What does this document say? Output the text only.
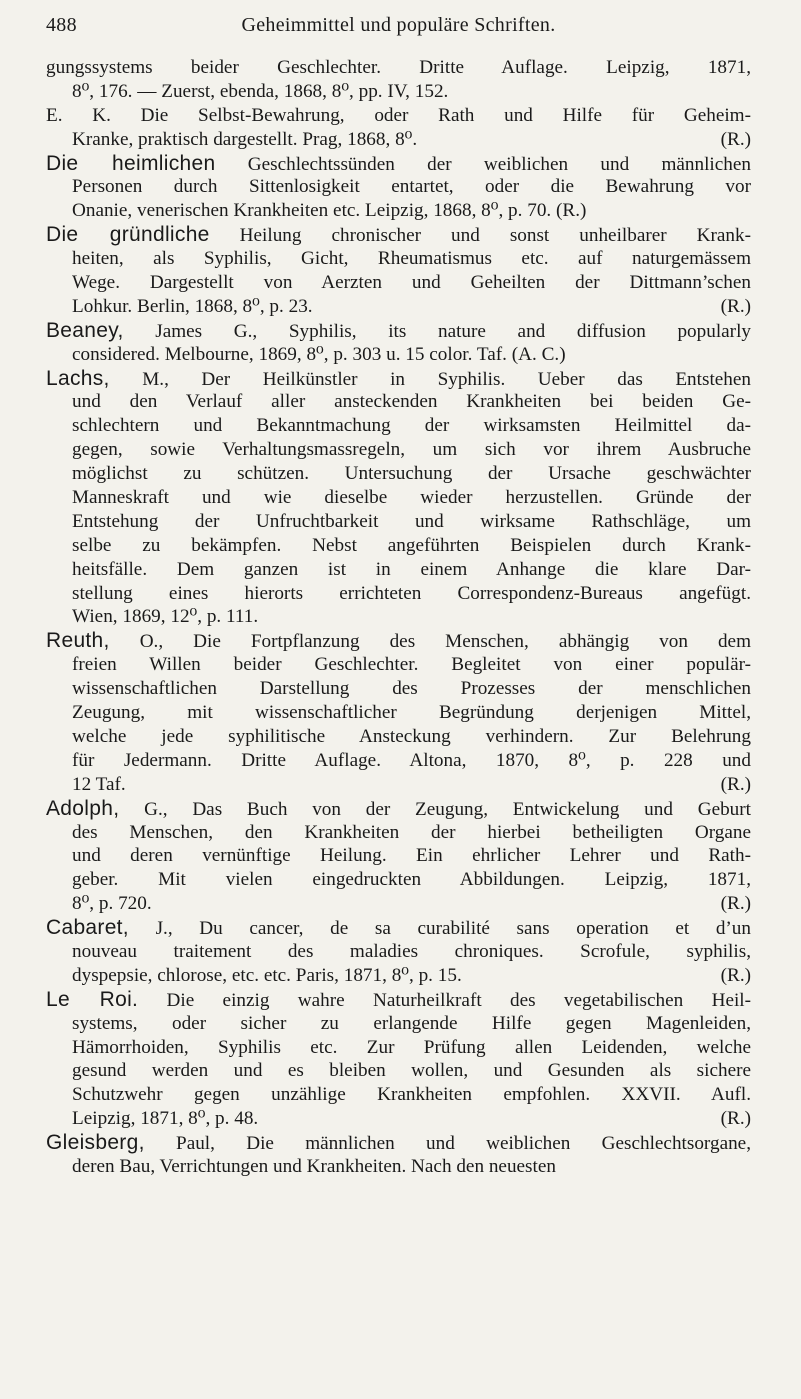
488	Geheimmittel und populäre Schriften.
gungssystems beider Geschlechter. Dritte Auflage. Leipzig, 1871,
8⁰, 176. — Zuerst, ebenda, 1868, 8⁰, pp. IV, 152.
E. K. Die Selbst-Bewahrung, oder Rath und Hilfe für Geheim-
Kranke, praktisch dargestellt. Prag, 1868, 8⁰.	(R.)
Die heimlichen Geschlechtssünden der weiblichen und männlichen
Personen durch Sittenlosigkeit entartet, oder die Bewahrung vor
Onanie, venerischen Krankheiten etc. Leipzig, 1868, 8⁰, p. 70. (R.)
Die gründliche Heilung chronischer und sonst unheilbarer Krank-
heiten, als Syphilis, Gicht, Rheumatismus etc. auf naturgemässem
Wege. Dargestellt von Aerzten und Geheilten der Dittmann’schen
Lohkur. Berlin, 1868, 8⁰, p. 23.	(R.)
Beaney, James G., Syphilis, its nature and diffusion popularly
considered. Melbourne, 1869, 8⁰, p. 303 u. 15 color. Taf. (A. C.)
Lachs, M., Der Heilkünstler in Syphilis. Ueber das Entstehen
und den Verlauf aller ansteckenden Krankheiten bei beiden Ge-
schlechtern und Bekanntmachung der wirksamsten Heilmittel da-
gegen, sowie Verhaltungsmassregeln, um sich vor ihrem Ausbruche
möglichst zu schützen. Untersuchung der Ursache geschwächter
Manneskraft und wie dieselbe wieder herzustellen. Gründe der
Entstehung der Unfruchtbarkeit und wirksame Rathschläge, um
selbe zu bekämpfen. Nebst angeführten Beispielen durch Krank-
heitsfälle. Dem ganzen ist in einem Anhange die klare Dar-
stellung eines hierorts errichteten Correspondenz-Bureaus angefügt.
Wien, 1869, 12⁰, p. 111.
Reuth, O., Die Fortpflanzung des Menschen, abhängig von dem
freien Willen beider Geschlechter. Begleitet von einer populär-
wissenschaftlichen Darstellung des Prozesses der menschlichen
Zeugung, mit wissenschaftlicher Begründung derjenigen Mittel,
welche jede syphilitische Ansteckung verhindern. Zur Belehrung
für Jedermann. Dritte Auflage. Altona, 1870, 8⁰, p. 228 und
12 Taf.	(R.)
Adolph, G., Das Buch von der Zeugung, Entwickelung und Geburt
des Menschen, den Krankheiten der hierbei betheiligten Organe
und deren vernünftige Heilung. Ein ehrlicher Lehrer und Rath-
geber. Mit vielen eingedruckten Abbildungen. Leipzig, 1871,
8⁰, p. 720.	(R.)
Cabaret, J., Du cancer, de sa curabilité sans operation et d’un
nouveau traitement des maladies chroniques. Scrofule, syphilis,
dyspepsie, chlorose, etc. etc. Paris, 1871, 8⁰, p. 15.	(R.)
Le Roi. Die einzig wahre Naturheilkraft des vegetabilischen Heil-
systems, oder sicher zu erlangende Hilfe gegen Magenleiden,
Hämorrhoiden, Syphilis etc. Zur Prüfung allen Leidenden, welche
gesund werden und es bleiben wollen, und Gesunden als sichere
Schutzwehr gegen unzählige Krankheiten empfohlen. XXVII. Aufl.
Leipzig, 1871, 8⁰, p. 48.	(R.)
Gleisberg, Paul, Die männlichen und weiblichen Geschlechtsorgane,
deren Bau, Verrichtungen und Krankheiten. Nach den neuesten
